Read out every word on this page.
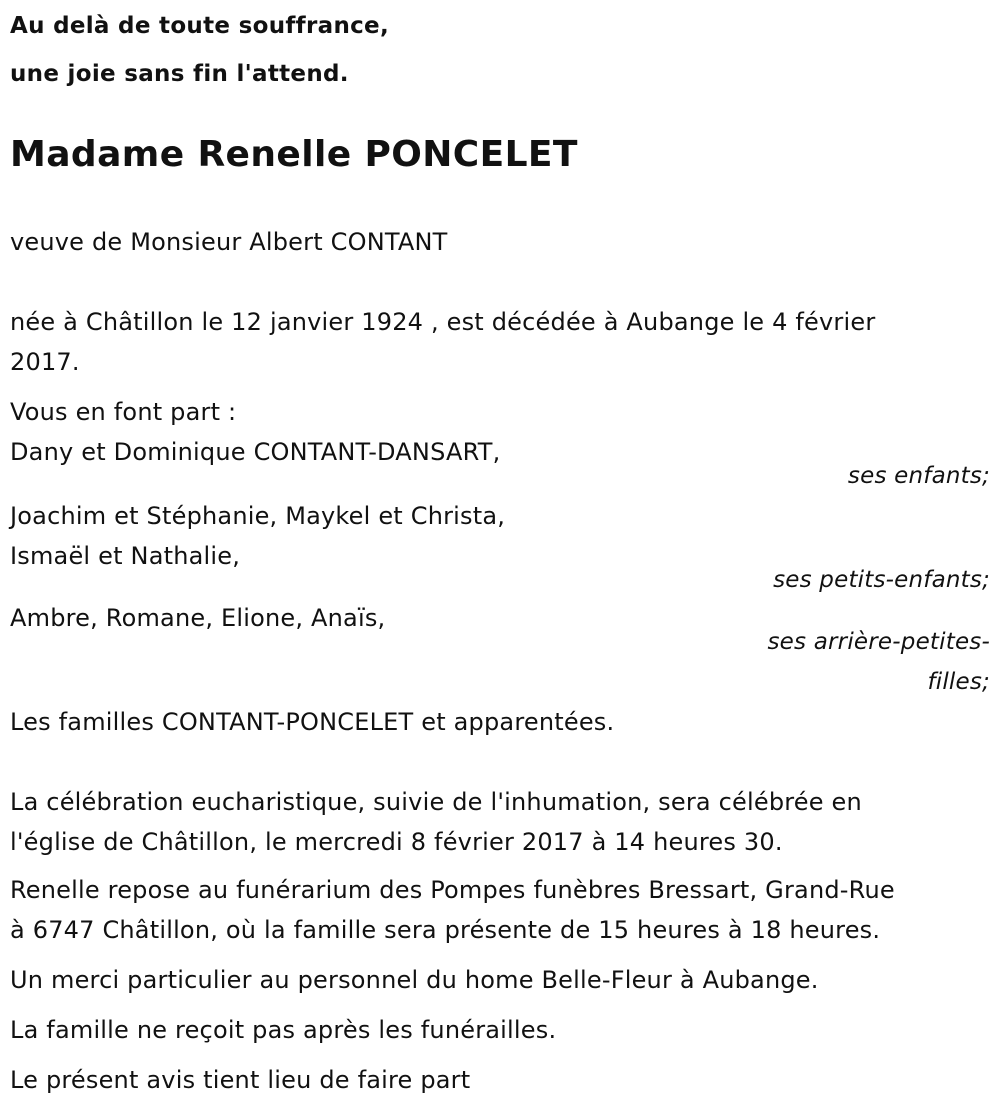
Au delà de toute souffrance,
une joie sans fin l'attend.
Madame Renelle PONCELET
veuve de Monsieur Albert CONTANT
née à Châtillon le 12 janvier 1924 , est décédée à Aubange le 4 février
2017.
Vous en font part :
Dany et Dominique CONTANT-DANSART,
ses enfants;
Joachim et Stéphanie, Maykel et Christa,
Ismaël et Nathalie,
ses petits-enfants;
Ambre, Romane, Elione, Anaïs,
ses arrière-petites-
filles;
Les familles CONTANT-PONCELET et apparentées.
La célébration eucharistique, suivie de l'inhumation, sera célébrée en
l'église de Châtillon, le mercredi 8 février 2017 à 14 heures 30.
Renelle repose au funérarium des Pompes funèbres Bressart, Grand-Rue
à 6747 Châtillon, où la famille sera présente de 15 heures à 18 heures.
Un merci particulier au personnel du home Belle-Fleur à Aubange.
La famille ne reçoit pas après les funérailles.
Le présent avis tient lieu de faire part
